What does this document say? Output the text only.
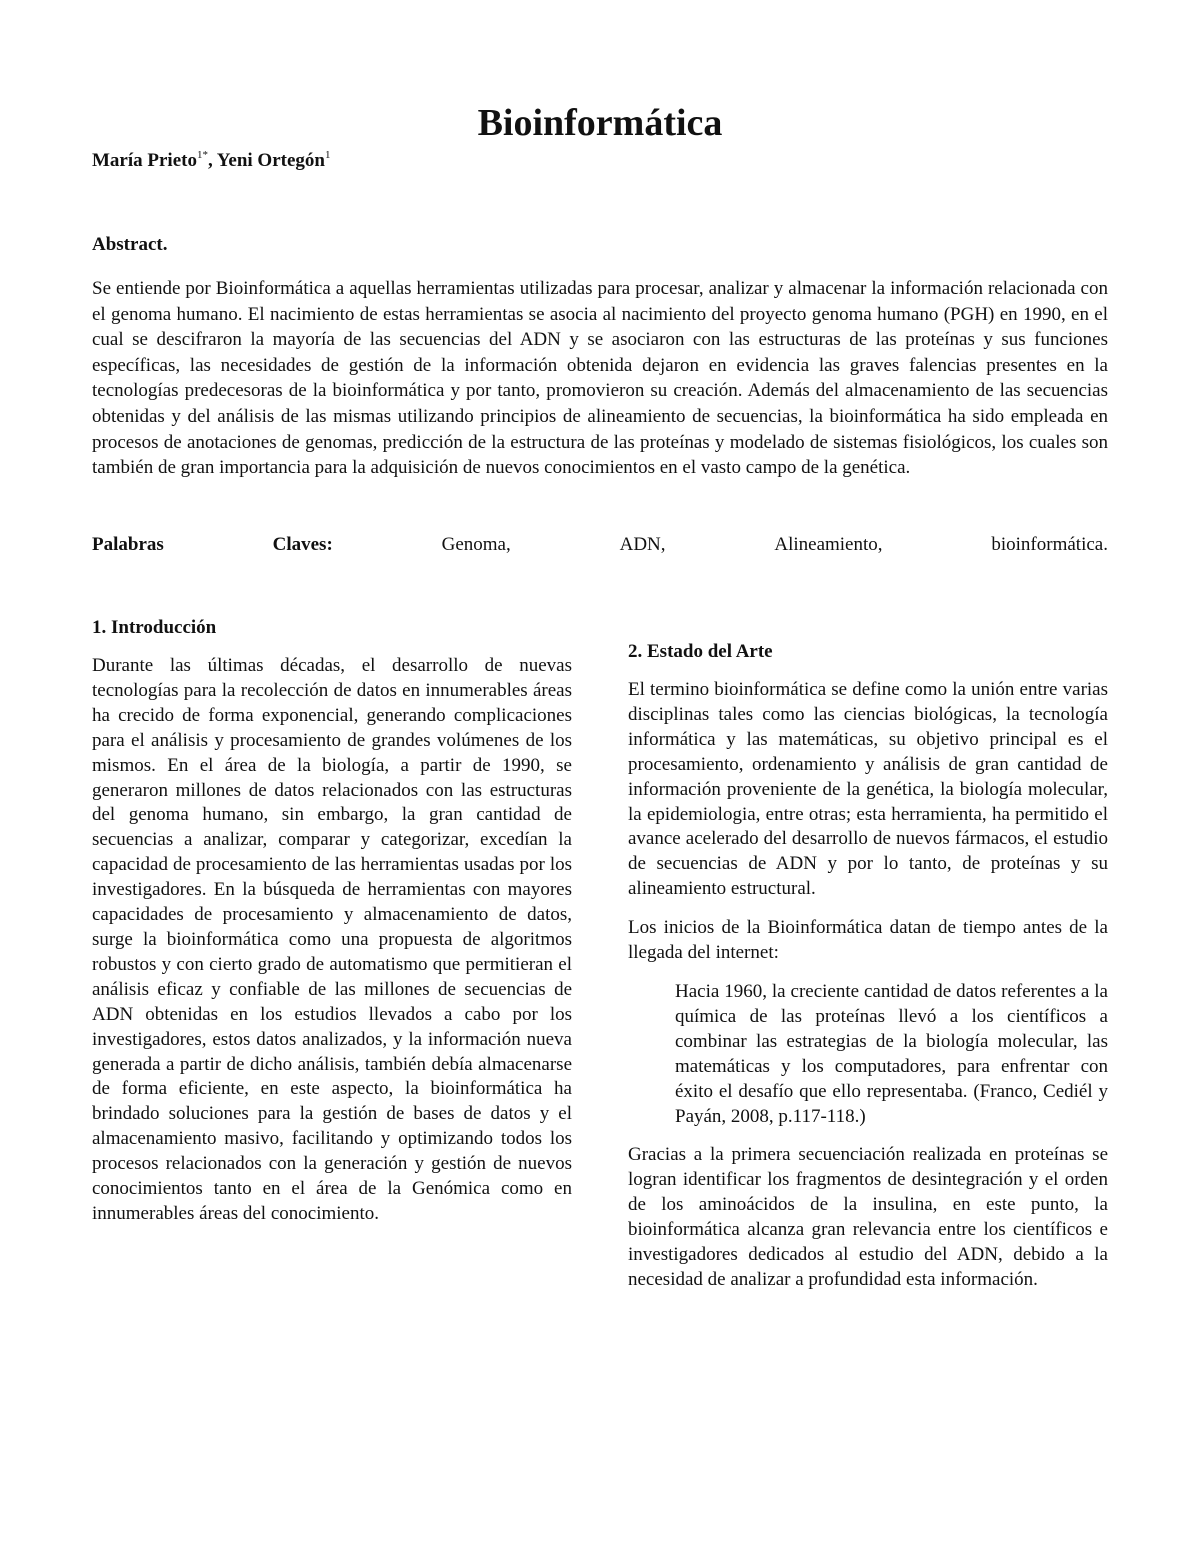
Bioinformática
María Prieto$^{1*}$, Yeni Ortegón$^1$
Abstract.

Se entiende por Bioinformática a aquellas herramientas utilizadas para procesar, analizar y almacenar la información relacionada con el genoma humano. El nacimiento de estas herramientas se asocia al nacimiento del proyecto genoma humano (PGH) en 1990, en el cual se descifraron la mayoría de las secuencias del ADN y se asociaron con las estructuras de las proteínas y sus funciones específicas, las necesidades de gestión de la información obtenida dejaron en evidencia las graves falencias presentes en la tecnologías predecesoras de la bioinformática y por tanto, promovieron su creación. Además del almacenamiento de las secuencias obtenidas y del análisis de las mismas utilizando principios de alineamiento de secuencias, la bioinformática ha sido empleada en procesos de anotaciones de genomas, predicción de la estructura de las proteínas y modelado de sistemas fisiológicos, los cuales son también de gran importancia para la adquisición de nuevos conocimientos en el vasto campo de la genética.

Palabras	Claves:	Genoma,	ADN,	Alineamiento,	bioinformática.
1. Introducción

Durante las últimas décadas, el desarrollo de nuevas tecnologías para la recolección de datos en innumerables áreas ha crecido de forma exponencial, generando complicaciones para el análisis y procesamiento de grandes volúmenes de los mismos. En el área de la biología, a partir de 1990, se generaron millones de datos relacionados con las estructuras del genoma humano, sin embargo, la gran cantidad de secuencias a analizar, comparar y categorizar, excedían la capacidad de procesamiento de las herramientas usadas por los investigadores. En la búsqueda de herramientas con mayores capacidades de procesamiento y almacenamiento de datos, surge la bioinformática como una propuesta de algoritmos robustos y con cierto grado de automatismo que permitieran el análisis eficaz y confiable de las millones de secuencias de ADN obtenidas en los estudios llevados a cabo por los investigadores, estos datos analizados, y la información nueva generada a partir de dicho análisis, también debía almacenarse de forma eficiente, en este aspecto, la bioinformática ha brindado soluciones para la gestión de bases de datos y el almacenamiento masivo, facilitando y optimizando todos los procesos relacionados con la generación y gestión de nuevos conocimientos tanto en el área de la Genómica como en innumerables áreas del conocimiento.

2. Estado del Arte

El termino bioinformática se define como la unión entre varias disciplinas tales como las ciencias biológicas, la tecnología informática y las matemáticas, su objetivo principal es el procesamiento, ordenamiento y análisis de gran cantidad de información proveniente de la genética, la biología molecular, la epidemiologia, entre otras; esta herramienta, ha permitido el avance acelerado del desarrollo de nuevos fármacos, el estudio de secuencias de ADN y por lo tanto, de proteínas y su alineamiento estructural.

Los inicios de la Bioinformática datan de tiempo antes de la llegada del internet:

Hacia 1960, la creciente cantidad de datos referentes a la química de las proteínas llevó a los científicos a combinar las estrategias de la biología molecular, las matemáticas y los computadores, para enfrentar con éxito el desafío que ello representaba. (Franco, Cediél y Payán, 2008, p.117-118.)

Gracias a la primera secuenciación realizada en proteínas se logran identificar los fragmentos de desintegración y el orden de los aminoácidos de la insulina, en este punto, la bioinformática alcanza gran relevancia entre los científicos e investigadores dedicados al estudio del ADN, debido a la necesidad de analizar a profundidad esta información.
